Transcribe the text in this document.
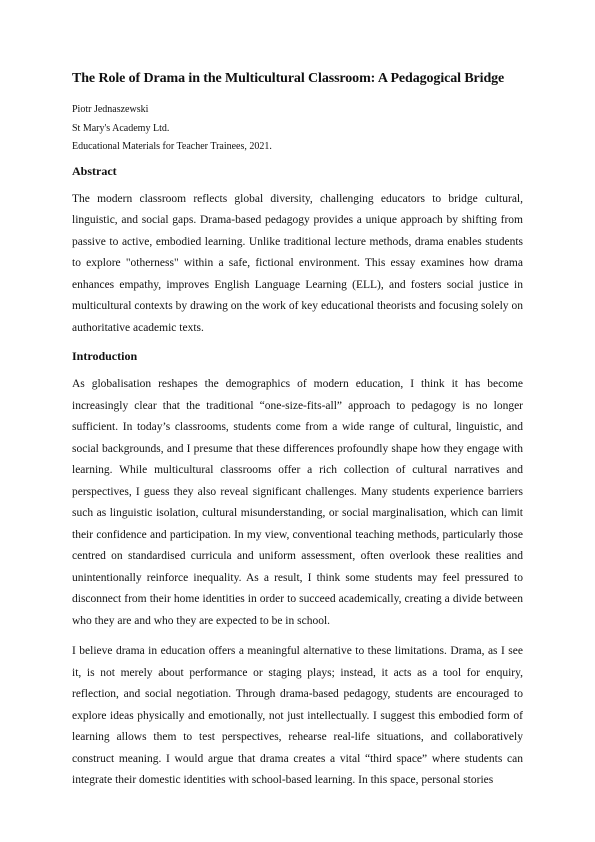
The Role of Drama in the Multicultural Classroom: A Pedagogical Bridge

Piotr Jednaszewski

St Mary's Academy Ltd.

Educational Materials for Teacher Trainees, 2021.

Abstract

The modern classroom reflects global diversity, challenging educators to bridge cultural, linguistic, and social gaps. Drama-based pedagogy provides a unique approach by shifting from passive to active, embodied learning. Unlike traditional lecture methods, drama enables students to explore "otherness" within a safe, fictional environment. This essay examines how drama enhances empathy, improves English Language Learning (ELL), and fosters social justice in multicultural contexts by drawing on the work of key educational theorists and focusing solely on authoritative academic texts.

Introduction

As globalisation reshapes the demographics of modern education, I think it has become increasingly clear that the traditional “one-size-fits-all” approach to pedagogy is no longer sufficient. In today’s classrooms, students come from a wide range of cultural, linguistic, and social backgrounds, and I presume that these differences profoundly shape how they engage with learning. While multicultural classrooms offer a rich collection of cultural narratives and perspectives, I guess they also reveal significant challenges. Many students experience barriers such as linguistic isolation, cultural misunderstanding, or social marginalisation, which can limit their confidence and participation. In my view, conventional teaching methods, particularly those centred on standardised curricula and uniform assessment, often overlook these realities and unintentionally reinforce inequality. As a result, I think some students may feel pressured to disconnect from their home identities in order to succeed academically, creating a divide between who they are and who they are expected to be in school.

I believe drama in education offers a meaningful alternative to these limitations. Drama, as I see it, is not merely about performance or staging plays; instead, it acts as a tool for enquiry, reflection, and social negotiation. Through drama-based pedagogy, students are encouraged to explore ideas physically and emotionally, not just intellectually. I suggest this embodied form of learning allows them to test perspectives, rehearse real-life situations, and collaboratively construct meaning. I would argue that drama creates a vital “third space” where students can integrate their domestic identities with school-based learning. In this space, personal stories
